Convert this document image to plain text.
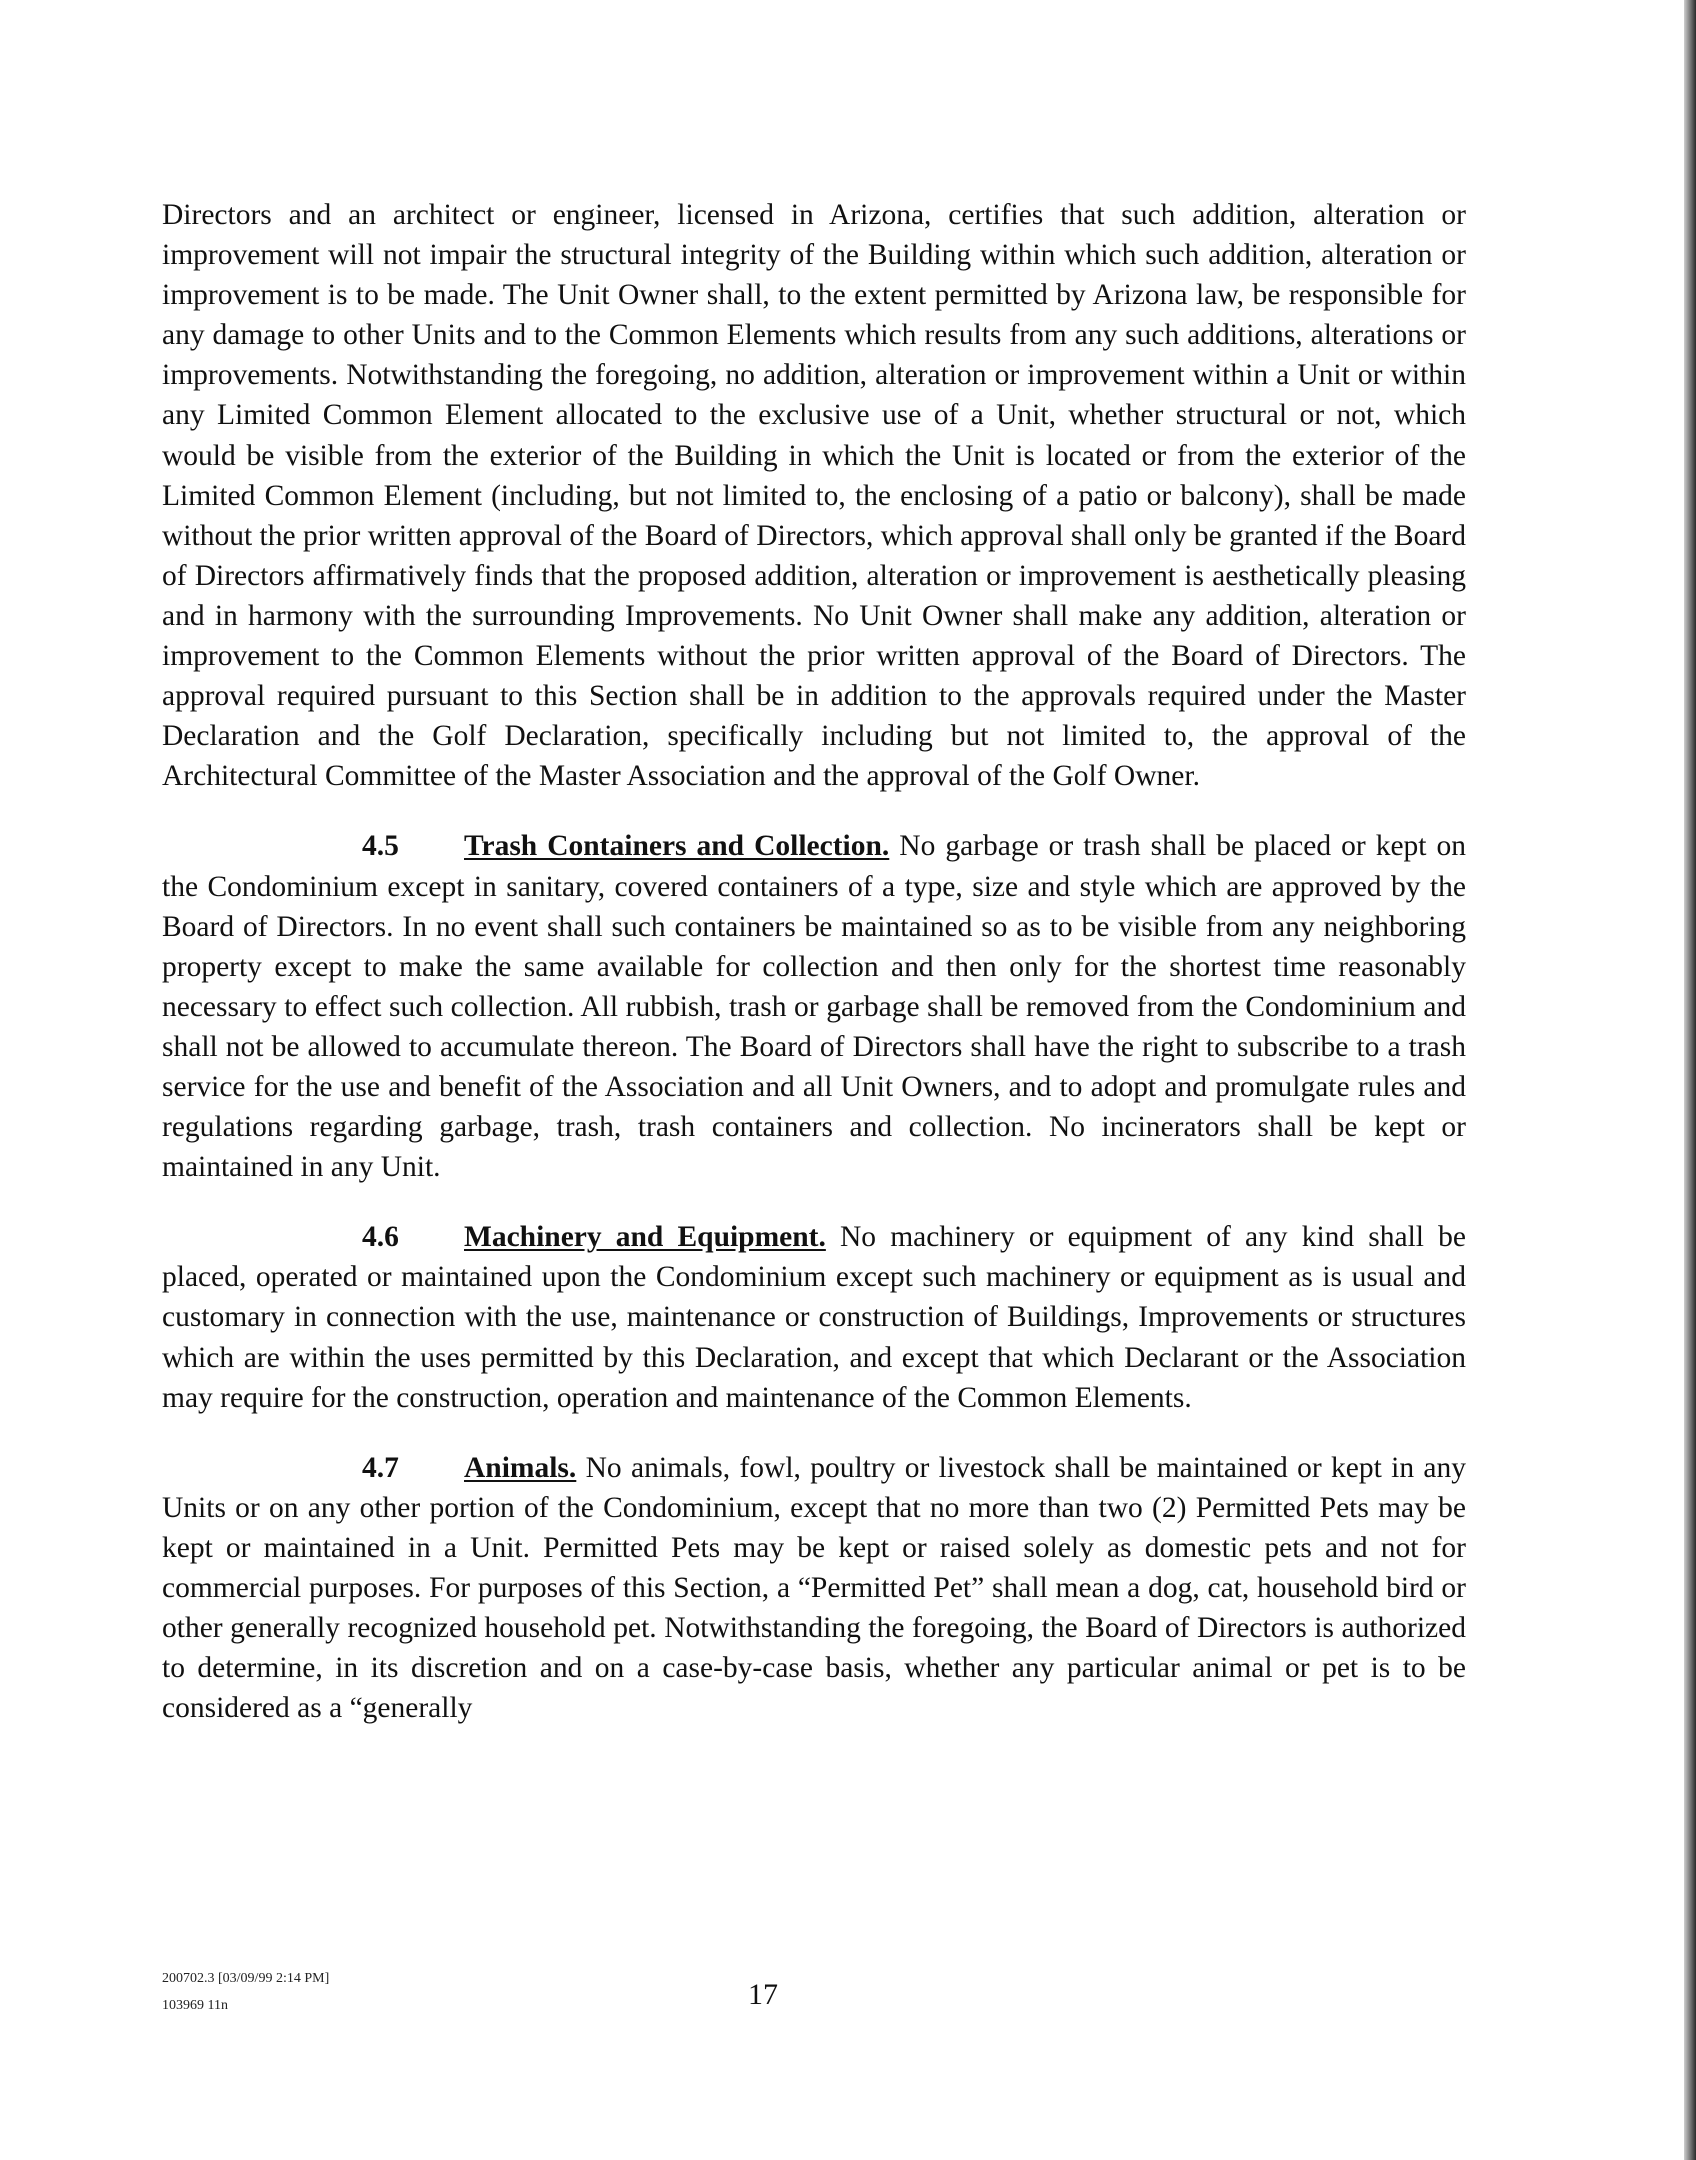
Directors and an architect or engineer, licensed in Arizona, certifies that such addition, alteration or improvement will not impair the structural integrity of the Building within which such addition, alteration or improvement is to be made. The Unit Owner shall, to the extent permitted by Arizona law, be responsible for any damage to other Units and to the Common Elements which results from any such additions, alterations or improvements. Notwithstanding the foregoing, no addition, alteration or improvement within a Unit or within any Limited Common Element allocated to the exclusive use of a Unit, whether structural or not, which would be visible from the exterior of the Building in which the Unit is located or from the exterior of the Limited Common Element (including, but not limited to, the enclosing of a patio or balcony), shall be made without the prior written approval of the Board of Directors, which approval shall only be granted if the Board of Directors affirmatively finds that the proposed addition, alteration or improvement is aesthetically pleasing and in harmony with the surrounding Improvements. No Unit Owner shall make any addition, alteration or improvement to the Common Elements without the prior written approval of the Board of Directors. The approval required pursuant to this Section shall be in addition to the approvals required under the Master Declaration and the Golf Declaration, specifically including but not limited to, the approval of the Architectural Committee of the Master Association and the approval of the Golf Owner.

4.5 Trash Containers and Collection. No garbage or trash shall be placed or kept on the Condominium except in sanitary, covered containers of a type, size and style which are approved by the Board of Directors. In no event shall such containers be maintained so as to be visible from any neighboring property except to make the same available for collection and then only for the shortest time reasonably necessary to effect such collection. All rubbish, trash or garbage shall be removed from the Condominium and shall not be allowed to accumulate thereon. The Board of Directors shall have the right to subscribe to a trash service for the use and benefit of the Association and all Unit Owners, and to adopt and promulgate rules and regulations regarding garbage, trash, trash containers and collection. No incinerators shall be kept or maintained in any Unit.

4.6 Machinery and Equipment. No machinery or equipment of any kind shall be placed, operated or maintained upon the Condominium except such machinery or equipment as is usual and customary in connection with the use, maintenance or construction of Buildings, Improvements or structures which are within the uses permitted by this Declaration, and except that which Declarant or the Association may require for the construction, operation and maintenance of the Common Elements.

4.7 Animals. No animals, fowl, poultry or livestock shall be maintained or kept in any Units or on any other portion of the Condominium, except that no more than two (2) Permitted Pets may be kept or maintained in a Unit. Permitted Pets may be kept or raised solely as domestic pets and not for commercial purposes. For purposes of this Section, a “Permitted Pet” shall mean a dog, cat, household bird or other generally recognized household pet. Notwithstanding the foregoing, the Board of Directors is authorized to determine, in its discretion and on a case-by-case basis, whether any particular animal or pet is to be considered as a “generally

200702.3 [03/09/99 2:14 PM]
103969 11n	17
